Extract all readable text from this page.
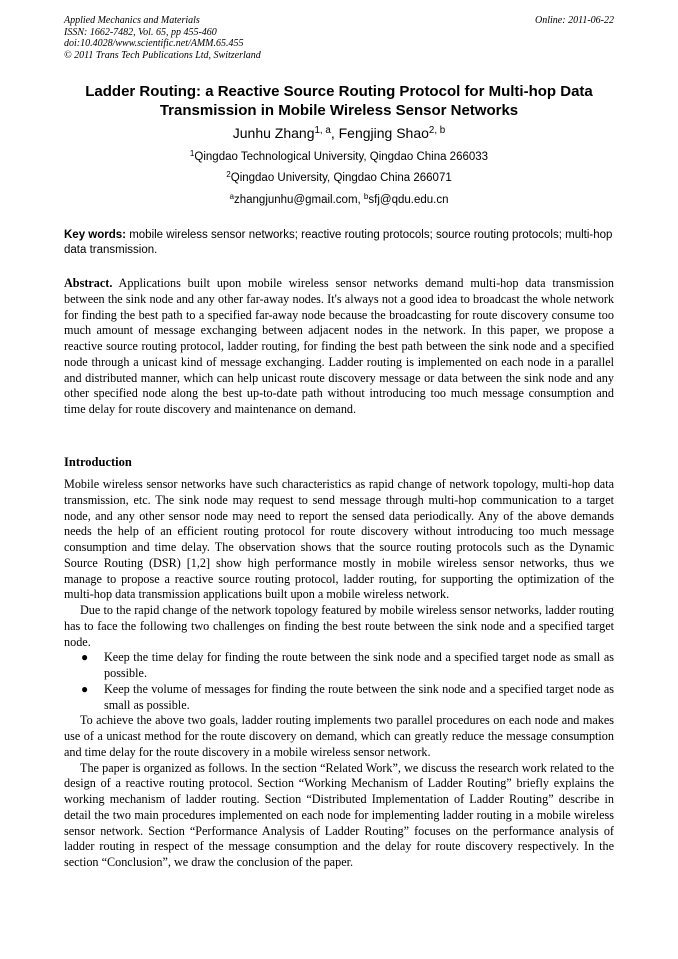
Applied Mechanics and Materials
ISSN: 1662-7482, Vol. 65, pp 455-460
doi:10.4028/www.scientific.net/AMM.65.455
© 2011 Trans Tech Publications Ltd, Switzerland
Online: 2011-06-22
Ladder Routing: a Reactive Source Routing Protocol for Multi-hop Data
Transmission in Mobile Wireless Sensor Networks
Junhu Zhang$^{1, a}$, Fengjing Shao$^{2, b}$
$^1$Qingdao Technological University, Qingdao China 266033
$^2$Qingdao University, Qingdao China 266071
$^a$zhangjunhu@gmail.com, $^b$sfj@qdu.edu.cn
Key words: mobile wireless sensor networks; reactive routing protocols; source routing protocols; multi-hop data transmission.

Abstract. Applications built upon mobile wireless sensor networks demand multi-hop data transmission between the sink node and any other far-away nodes. It's always not a good idea to broadcast the whole network for finding the best path to a specified far-away node because the broadcasting for route discovery consume too much amount of message exchanging between adjacent nodes in the network. In this paper, we propose a reactive source routing protocol, ladder routing, for finding the best path between the sink node and a specified node through a unicast kind of message exchanging. Ladder routing is implemented on each node in a parallel and distributed manner, which can help unicast route discovery message or data between the sink node and any other specified node along the best up-to-date path without introducing too much message consumption and time delay for route discovery and maintenance on demand.

Introduction

Mobile wireless sensor networks have such characteristics as rapid change of network topology, multi-hop data transmission, etc. The sink node may request to send message through multi-hop communication to a target node, and any other sensor node may need to report the sensed data periodically. Any of the above demands needs the help of an efficient routing protocol for route discovery without introducing too much message consumption and time delay. The observation shows that the source routing protocols such as the Dynamic Source Routing (DSR) [1,2] show high performance mostly in mobile wireless sensor networks, thus we manage to propose a reactive source routing protocol, ladder routing, for supporting the optimization of the multi-hop data transmission applications built upon a mobile wireless network.

Due to the rapid change of the network topology featured by mobile wireless sensor networks, ladder routing has to face the following two challenges on finding the best route between the sink node and a specified target node.

● Keep the time delay for finding the route between the sink node and a specified target node as small as possible.
● Keep the volume of messages for finding the route between the sink node and a specified target node as small as possible.

To achieve the above two goals, ladder routing implements two parallel procedures on each node and makes use of a unicast method for the route discovery on demand, which can greatly reduce the message consumption and time delay for the route discovery in a mobile wireless sensor network.

The paper is organized as follows. In the section “Related Work”, we discuss the research work related to the design of a reactive routing protocol. Section “Working Mechanism of Ladder Routing” briefly explains the working mechanism of ladder routing. Section “Distributed Implementation of Ladder Routing” describe in detail the two main procedures implemented on each node for implementing ladder routing in a mobile wireless sensor network. Section “Performance Analysis of Ladder Routing” focuses on the performance analysis of ladder routing in respect of the message consumption and the delay for route discovery respectively. In the section “Conclusion”, we draw the conclusion of the paper.
